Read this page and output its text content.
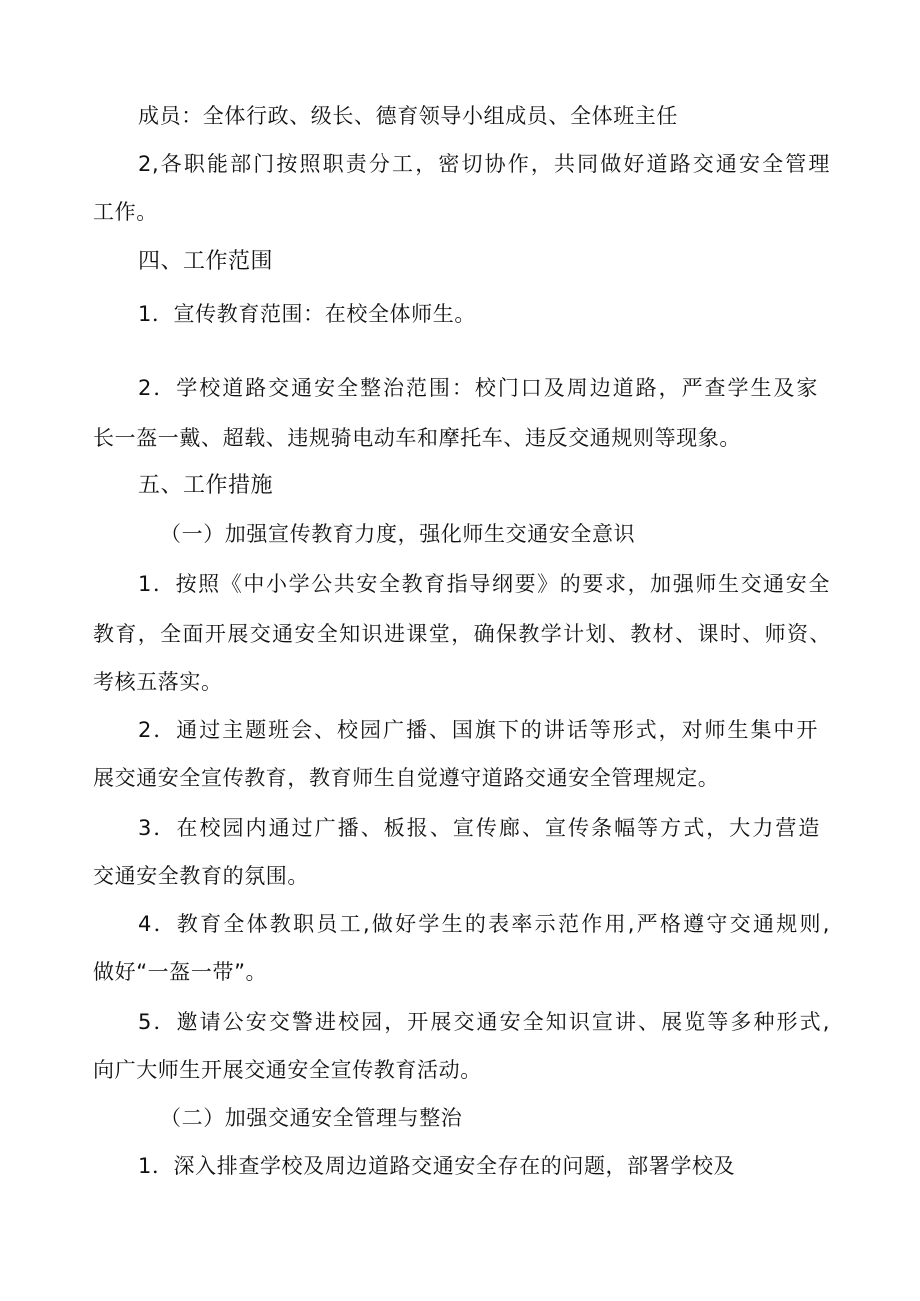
成员：全体行政、级长、德育领导小组成员、全体班主任
2,各职能部门按照职责分工，密切协作，共同做好道路交通安全管理
工作。
四、工作范围
1．宣传教育范围：在校全体师生。
2．学校道路交通安全整治范围：校门口及周边道路，严查学生及家
长一盔一戴、超载、违规骑电动车和摩托车、违反交通规则等现象。
五、工作措施
（一）加强宣传教育力度，强化师生交通安全意识
1．按照《中小学公共安全教育指导纲要》的要求，加强师生交通安全
教育，全面开展交通安全知识进课堂，确保教学计划、教材、课时、师资、
考核五落实。
2．通过主题班会、校园广播、国旗下的讲话等形式，对师生集中开
展交通安全宣传教育，教育师生自觉遵守道路交通安全管理规定。
3．在校园内通过广播、板报、宣传廊、宣传条幅等方式，大力营造
交通安全教育的氛围。
4．教育全体教职员工,做好学生的表率示范作用,严格遵守交通规则,
做好“一盔一带”。
5．邀请公安交警进校园，开展交通安全知识宣讲、展览等多种形式,
向广大师生开展交通安全宣传教育活动。
（二）加强交通安全管理与整治
1．深入排查学校及周边道路交通安全存在的问题，部署学校及
